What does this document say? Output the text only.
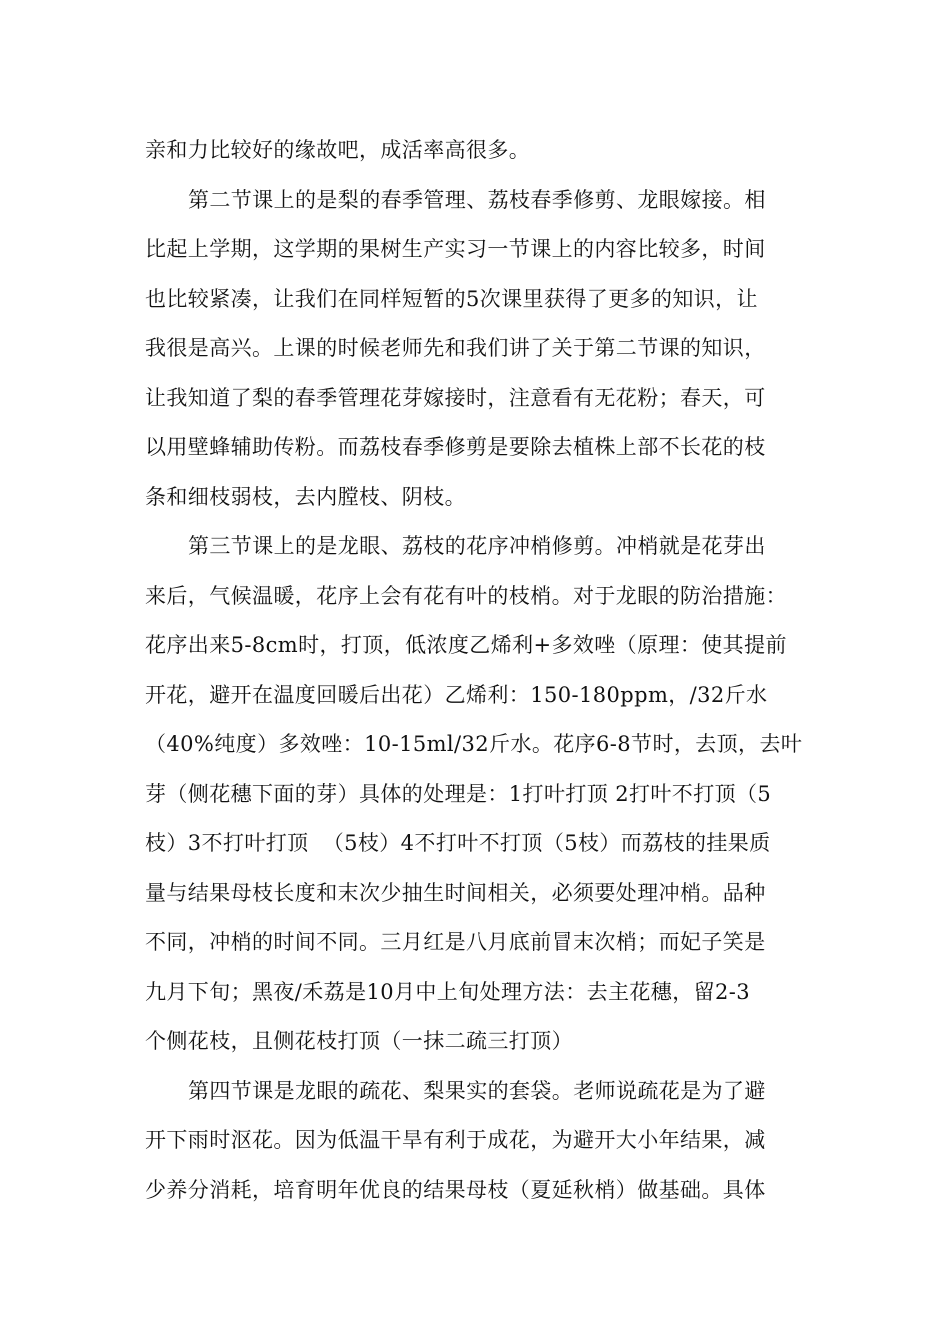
亲和力比较好的缘故吧，成活率高很多。
第二节课上的是梨的春季管理、荔枝春季修剪、龙眼嫁接。相
比起上学期，这学期的果树生产实习一节课上的内容比较多，时间
也比较紧凑，让我们在同样短暂的5次课里获得了更多的知识，让
我很是高兴。上课的时候老师先和我们讲了关于第二节课的知识，
让我知道了梨的春季管理花芽嫁接时，注意看有无花粉；春天，可
以用壁蜂辅助传粉。而荔枝春季修剪是要除去植株上部不长花的枝
条和细枝弱枝，去内膛枝、阴枝。
第三节课上的是龙眼、荔枝的花序冲梢修剪。冲梢就是花芽出
来后，气候温暖，花序上会有花有叶的枝梢。对于龙眼的防治措施：
花序出来5-8cm时，打顶，低浓度乙烯利+多效唑（原理：使其提前
开花，避开在温度回暖后出花）乙烯利：150-180ppm，/32斤水
（40%纯度）多效唑：10-15ml/32斤水。花序6-8节时，去顶，去叶
芽（侧花穗下面的芽）具体的处理是：1打叶打顶 2打叶不打顶（5
枝）3不打叶打顶  （5枝）4不打叶不打顶（5枝）而荔枝的挂果质
量与结果母枝长度和末次少抽生时间相关，必须要处理冲梢。品种
不同，冲梢的时间不同。三月红是八月底前冒末次梢；而妃子笑是
九月下旬；黑夜/禾荔是10月中上旬处理方法：去主花穗，留2-3
个侧花枝，且侧花枝打顶（一抹二疏三打顶）
第四节课是龙眼的疏花、梨果实的套袋。老师说疏花是为了避
开下雨时沤花。因为低温干旱有利于成花，为避开大小年结果，减
少养分消耗，培育明年优良的结果母枝（夏延秋梢）做基础。具体
